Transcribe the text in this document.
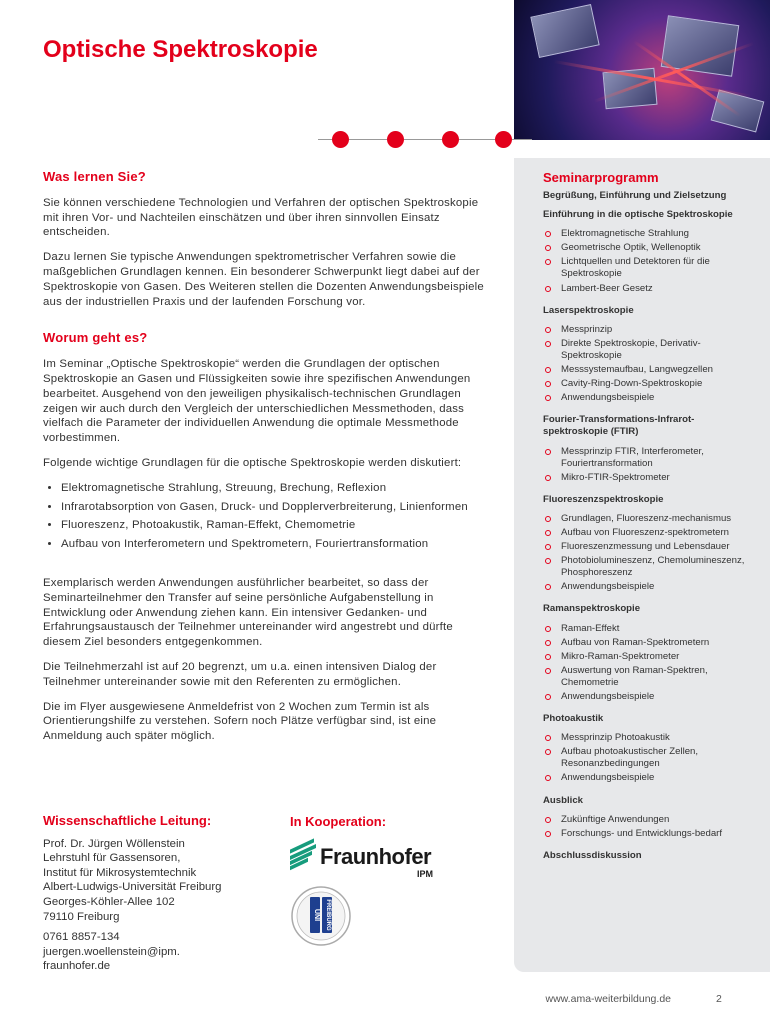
Optische Spektroskopie
Was lernen Sie?

Sie können verschiedene Technologien und Verfahren der optischen Spektroskopie mit ihren Vor- und Nachteilen einschätzen und über ihren sinnvollen Einsatz entscheiden.

Dazu lernen Sie typische Anwendungen spektrometrischer Verfahren sowie die maßgeblichen Grundlagen kennen. Ein besonderer Schwerpunkt liegt dabei auf der Spektroskopie von Gasen. Des Weiteren stellen die Dozenten Anwendungsbeispiele aus der industriellen Praxis und der laufenden Forschung vor.

Worum geht es?

Im Seminar „Optische Spektroskopie“ werden die Grundlagen der optischen Spektroskopie an Gasen und Flüssigkeiten sowie ihre spezifischen Anwendungen bearbeitet. Ausgehend von den jeweiligen physikalisch-technischen Grundlagen zeigen wir auch durch den Vergleich der unterschiedlichen Messmethoden, dass vielfach die Parameter der individuellen Anwendung die optimale Messmethode vorbestimmen.

Folgende wichtige Grundlagen für die optische Spektroskopie werden diskutiert:

• Elektromagnetische Strahlung, Streuung, Brechung, Reflexion
• Infrarotabsorption von Gasen, Druck- und Dopplerverbreiterung, Linienformen
• Fluoreszenz, Photoakustik, Raman-Effekt, Chemometrie
• Aufbau von Interferometern und Spektrometern, Fouriertransformation

Exemplarisch werden Anwendungen ausführlicher bearbeitet, so dass der Seminarteilnehmer den Transfer auf seine persönliche Aufgabenstellung in Entwicklung oder Anwendung ziehen kann. Ein intensiver Gedanken- und Erfahrungsaustausch der Teilnehmer untereinander wird angestrebt und dürfte diesem Ziel besonders entgegenkommen.

Die Teilnehmerzahl ist auf 20 begrenzt, um u.a. einen intensiven Dialog der Teilnehmer untereinander sowie mit den Referenten zu ermöglichen.

Die im Flyer ausgewiesene Anmeldefrist von 2 Wochen zum Termin ist als Orientierungshilfe zu verstehen. Sofern noch Plätze verfügbar sind, ist eine Anmeldung auch später möglich.

Seminarprogramm
Begrüßung, Einführung und Zielsetzung
Einführung in die optische Spektroskopie
Elektromagnetische Strahlung
Geometrische Optik, Wellenoptik
Lichtquellen und Detektoren für die Spektroskopie
Lambert-Beer Gesetz
Laserspektroskopie
Messprinzip
Direkte Spektroskopie, Derivativ-Spektroskopie
Messsystemaufbau, Langwegzellen
Cavity-Ring-Down-Spektroskopie
Anwendungsbeispiele
Fourier-Transformations-Infrarot-spektroskopie (FTIR)
Messprinzip FTIR, Interferometer, Fouriertransformation
Mikro-FTIR-Spektrometer
Fluoreszenzspektroskopie
Grundlagen, Fluoreszenz-mechanismus
Aufbau von Fluoreszenz-spektrometern
Fluoreszenzmessung und Lebensdauer
Photobiolumineszenz, Chemolumineszenz, Phosphoreszenz
Anwendungsbeispiele
Ramanspektroskopie
Raman-Effekt
Aufbau von Raman-Spektrometern
Mikro-Raman-Spektrometer
Auswertung von Raman-Spektren, Chemometrie
Anwendungsbeispiele
Photoakustik
Messprinzip Photoakustik
Aufbau photoakustischer Zellen, Resonanzbedingungen
Anwendungsbeispiele
Ausblick
Zukünftige Anwendungen
Forschungs- und Entwicklungs-bedarf
Abschlussdiskussion
Wissenschaftliche Leitung:
Prof. Dr. Jürgen Wöllenstein
Lehrstuhl für Gassensoren,
Institut für Mikrosystemtechnik
Albert-Ludwigs-Universität Freiburg
Georges-Köhler-Allee 102
79110 Freiburg
0761 8857-134
juergen.woellenstein@ipm.
fraunhofer.de
In Kooperation:
Fraunhofer
IPM
UNI FREIBURG
www.ama-weiterbildung.de	2
